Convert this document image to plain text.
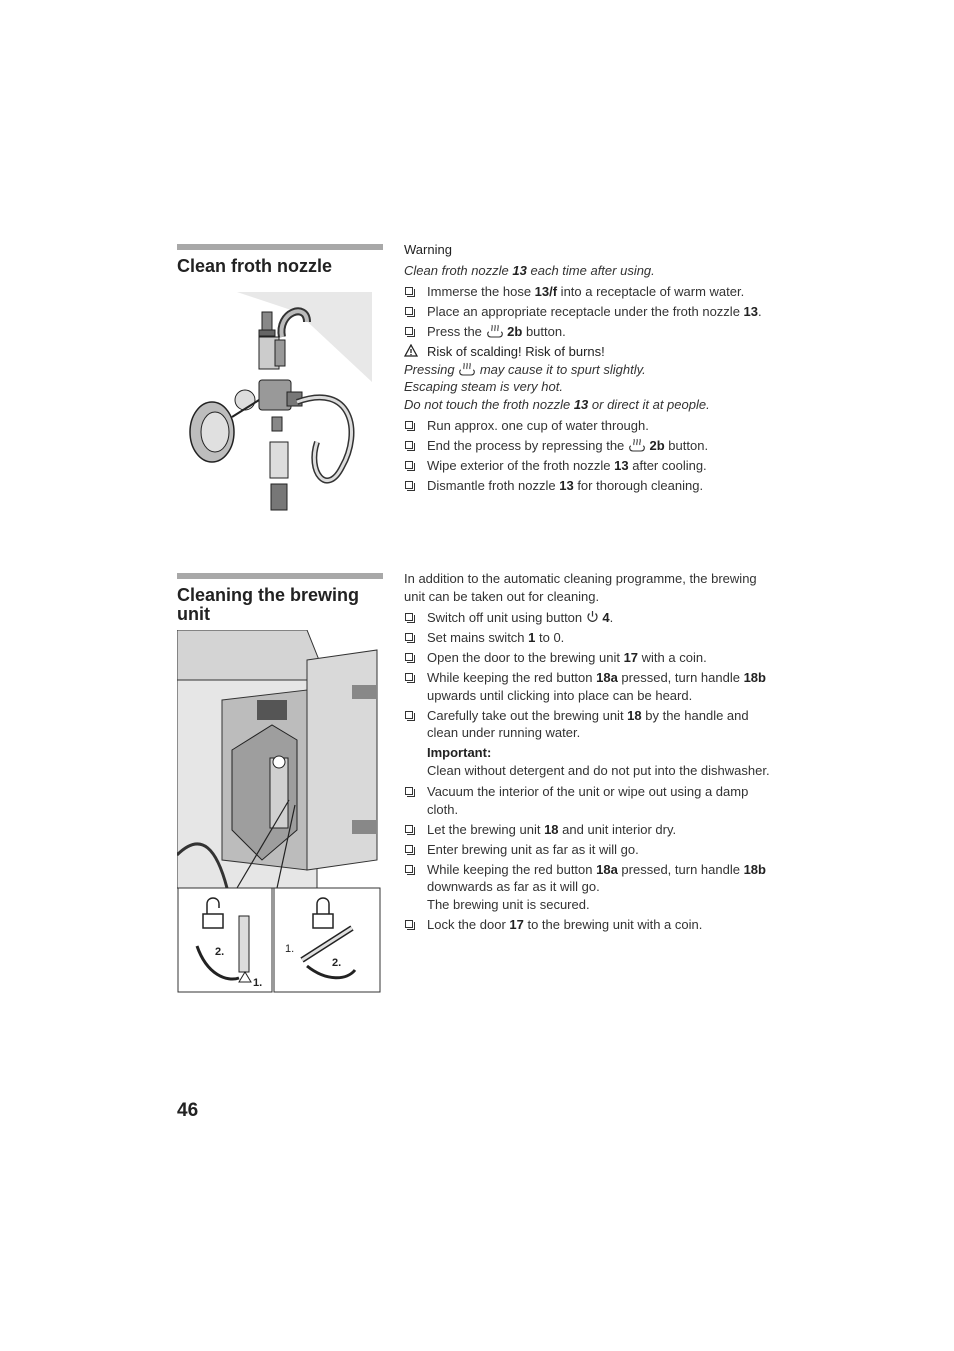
Clean froth nozzle

Warning

Clean froth nozzle 13 each time after using.

Immerse the hose 13/f into a receptacle of warm water.
Place an appropriate receptacle under the froth nozzle 13.
Press the  2b button.

Risk of scalding! Risk of burns!

Pressing  may cause it to spurt slightly.

Escaping steam is very hot.

Do not touch the froth nozzle 13 or direct it at people.

Run approx. one cup of water through.
End the process by repressing the  2b button.
Wipe exterior of the froth nozzle 13 after cooling.
Dismantle froth nozzle 13 for thorough cleaning.
Cleaning the brewing unit
2.
1.
1.
2.

In addition to the automatic cleaning programme, the brewing unit can be taken out for cleaning.

Switch off unit using button  4.
Set mains switch 1 to 0.
Open the door to the brewing unit 17 with a coin.
While keeping the red button 18a pressed, turn handle 18b upwards until clicking into place can be heard.
Carefully take out the brewing unit 18 by the handle and clean under running water.

Important:

Clean without detergent and do not put into the dishwasher.

Vacuum the interior of the unit or wipe out using a damp cloth.
Let the brewing unit 18 and unit interior dry.
Enter brewing unit as far as it will go.
While keeping the red button 18a pressed, turn handle 18b downwards as far as it will go.
The brewing unit is secured.
Lock the door 17 to the brewing unit with a coin.
46
